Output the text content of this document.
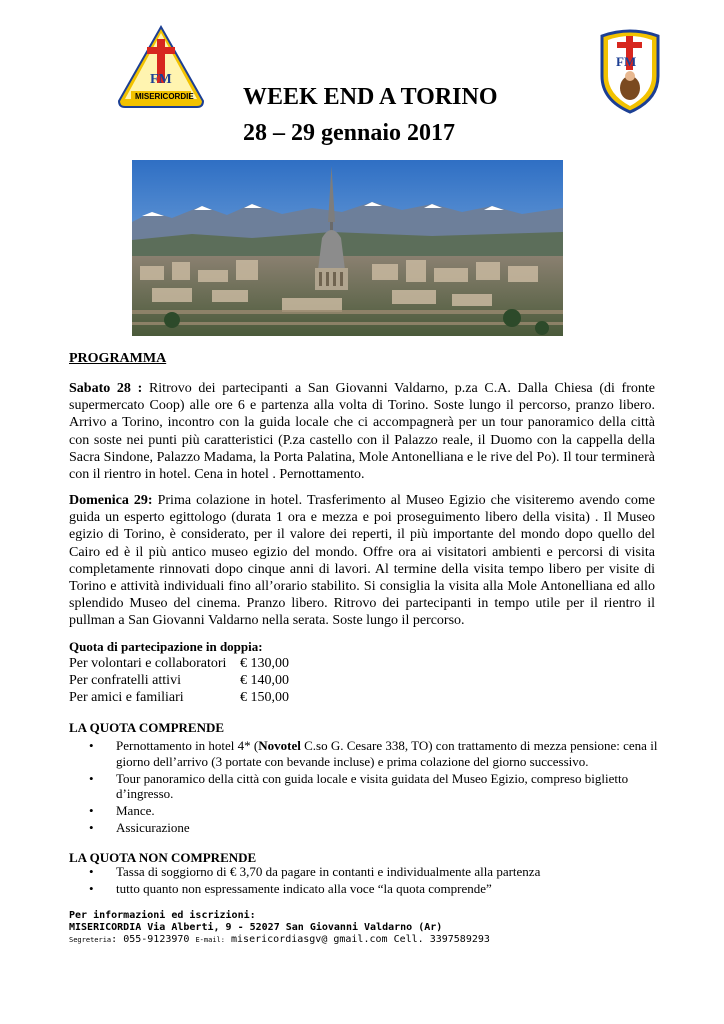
FM
MISERICORDIE
FM
WEEK END A TORINO
28 – 29 gennaio 2017
PROGRAMMA
Sabato 28 : Ritrovo dei partecipanti a San Giovanni Valdarno, p.za C.A. Dalla Chiesa (di fronte supermercato Coop) alle ore 6 e partenza alla volta di Torino. Soste lungo il percorso, pranzo libero. Arrivo a Torino, incontro con la guida locale che ci accompagnerà per un tour panoramico della città con soste nei punti più caratteristici (P.za castello con il Palazzo reale, il Duomo con la cappella della Sacra Sindone, Palazzo Madama, la Porta Palatina, Mole Antonelliana e le rive del Po). Il tour terminerà con il rientro in hotel. Cena in hotel . Pernottamento.
Domenica 29: Prima colazione in hotel. Trasferimento al Museo Egizio che visiteremo avendo come guida un esperto egittologo (durata 1 ora e mezza e poi proseguimento libero della visita) . Il Museo egizio di Torino, è considerato, per il valore dei reperti, il più importante del mondo dopo quello del Cairo ed è il più antico museo egizio del mondo. Offre ora ai visitatori ambienti e percorsi di visita completamente rinnovati dopo cinque anni di lavori. Al termine della visita tempo libero per visite di Torino e attività individuali fino all’orario stabilito. Si consiglia la visita alla Mole Antonelliana ed allo splendido Museo del cinema. Pranzo libero. Ritrovo dei partecipanti in tempo utile per il rientro il pullman a San Giovanni Valdarno nella serata. Soste lungo il percorso.
Quota di partecipazione in doppia:
Per volontari e collaboratori € 130,00
Per confratelli attivi	€ 140,00
Per amici e familiari	€ 150,00
LA QUOTA COMPRENDE
• Pernottamento in hotel 4* (Novotel C.so G. Cesare 338, TO) con trattamento di mezza pensione: cena il giorno dell’arrivo (3 portate con bevande incluse) e prima colazione del giorno successivo.
• Tour panoramico della città con guida locale e visita guidata del Museo Egizio, compreso biglietto d’ingresso.
• Mance.
• Assicurazione
LA QUOTA NON COMPRENDE
• Tassa di soggiorno di € 3,70 da pagare in contanti e individualmente alla partenza
• tutto quanto non espressamente indicato alla voce “la quota comprende”
Per informazioni ed iscrizioni:
MISERICORDIA Via Alberti, 9 - 52027 San Giovanni Valdarno (Ar)
Segreteria: 055-9123970 E-mail: misericordiasgv@ gmail.com Cell. 3397589293
